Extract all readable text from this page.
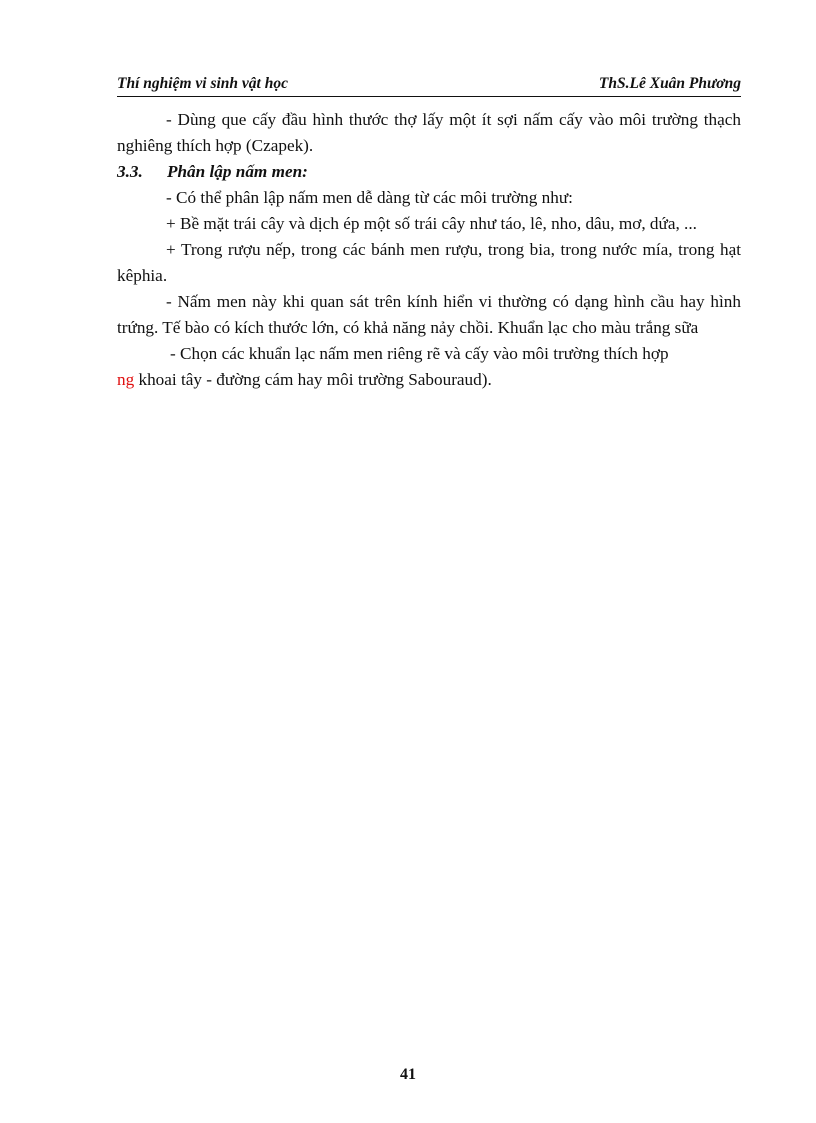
Thí nghiệm vi sinh vật học	ThS.Lê Xuân Phương

- Dùng que cấy đầu hình thước thợ lấy một ít sợi nấm cấy vào môi trường thạch nghiêng thích hợp (Czapek).

3.3.	Phân lập nấm men:

- Có thể phân lập nấm men dễ dàng từ các môi trường như:

+ Bề mặt trái cây và dịch ép một số trái cây như táo, lê, nho, dâu, mơ, dứa, ...

+ Trong rượu nếp, trong các bánh men rượu, trong bia, trong nước mía, trong hạt kêphia.

- Nấm men này khi quan sát trên kính hiển vi thường có dạng hình cầu hay hình trứng. Tế bào có kích thước lớn, có khả năng nảy chồi. Khuẩn lạc cho màu trắng sữa

- Chọn các khuẩn lạc nấm men riêng rẽ và cấy vào môi trường thích hợp

ng khoai tây - đường cám hay môi trường Sabouraud).

41
